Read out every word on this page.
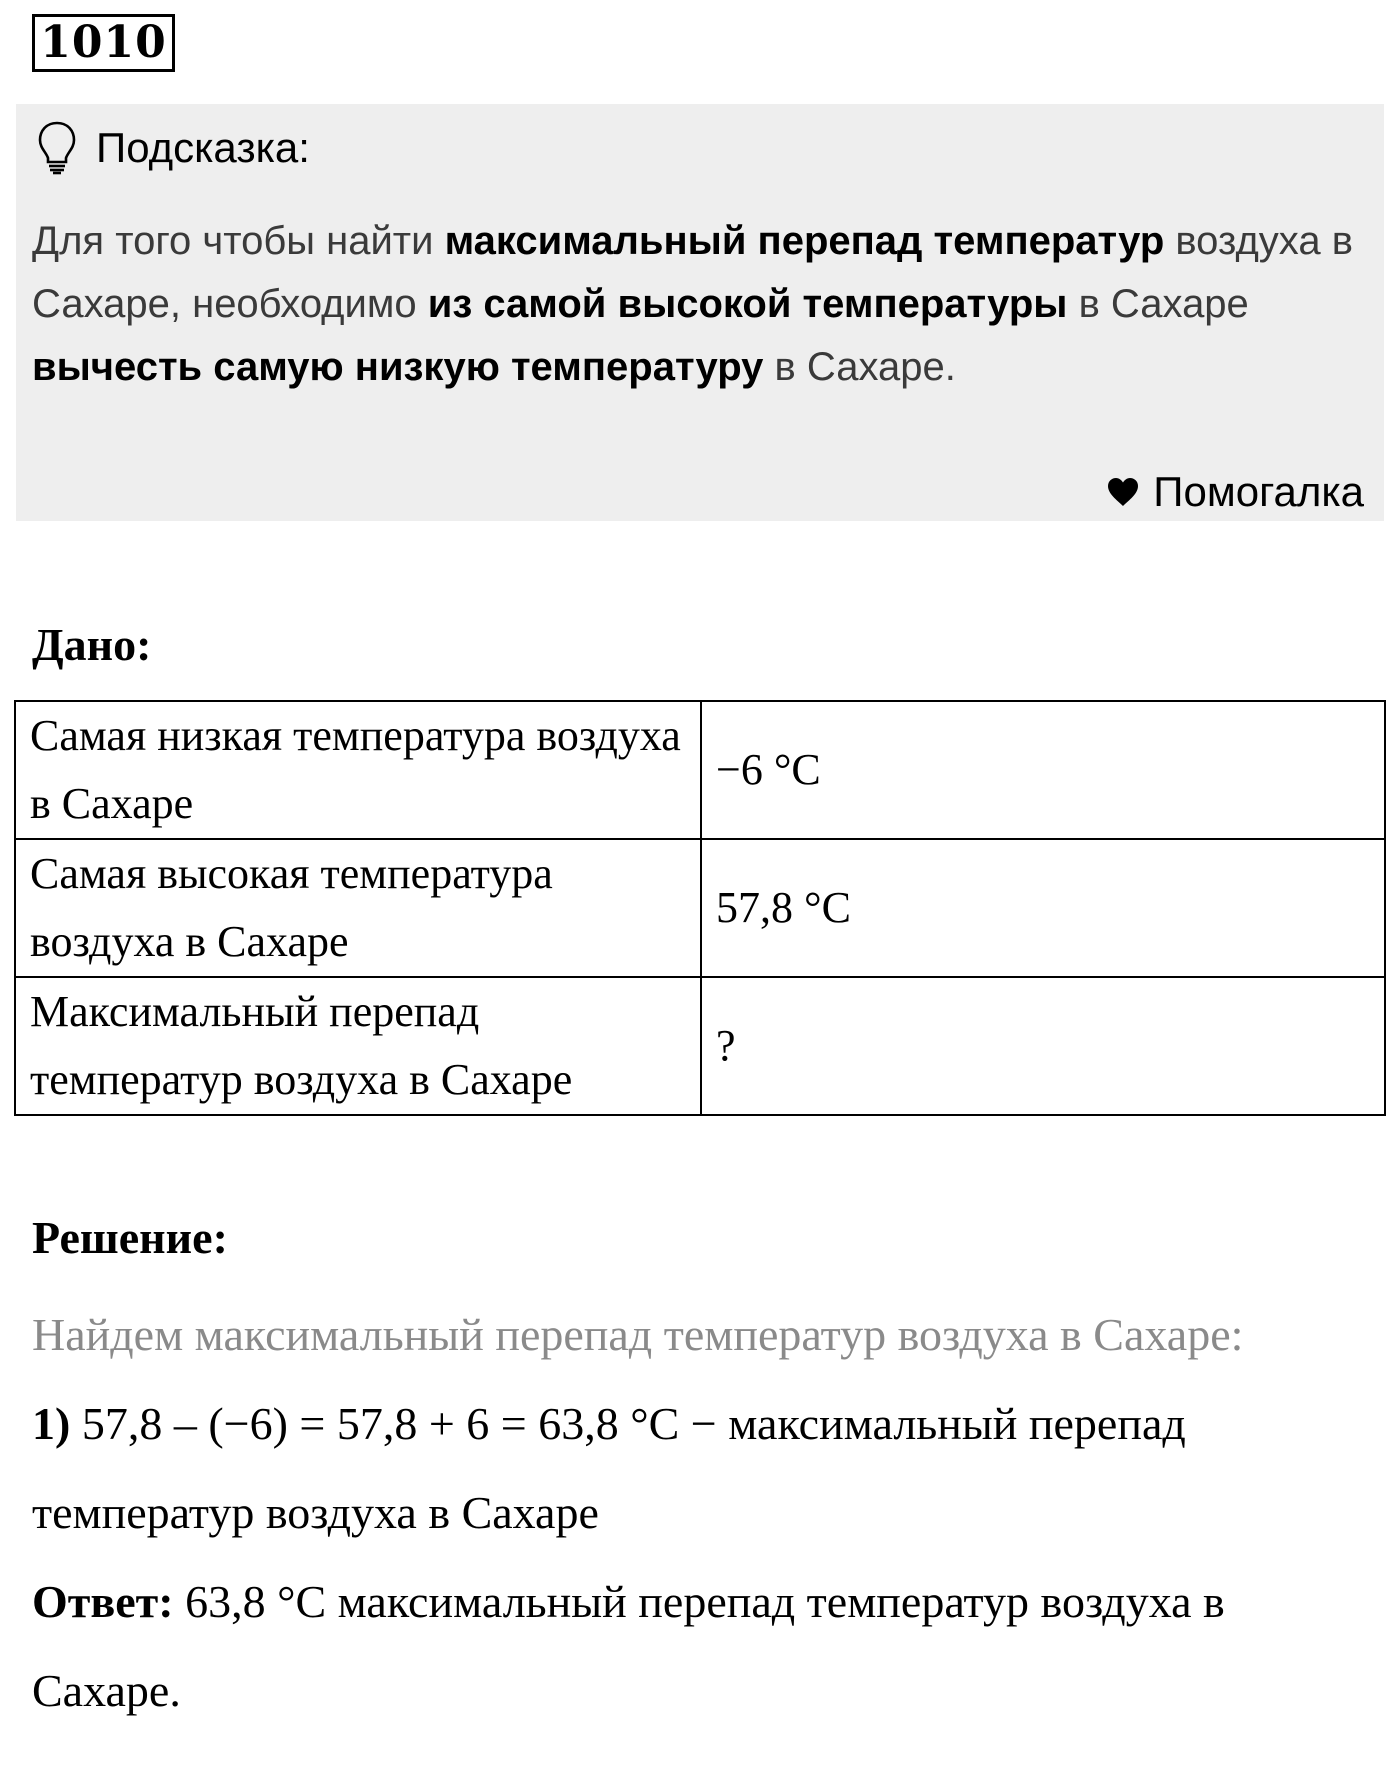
1010
Подсказка:
Для того чтобы найти максимальный перепад температур воздуха в Сахаре, необходимо из самой высокой температуры в Сахаре вычесть самую низкую температуру в Сахаре.
Помогалка
Дано:
Самая низкая температура воздуха в Сахаре	−6 °C
Самая высокая температура воздуха в Сахаре	57,8 °C
Максимальный перепад температур воздуха в Сахаре	?
Решение:

Найдем максимальный перепад температур воздуха в Сахаре:

1) 57,8 – (−6) = 57,8 + 6 = 63,8 °C − максимальный перепад температур воздуха в Сахаре

Ответ: 63,8 °C максимальный перепад температур воздуха в Сахаре.
